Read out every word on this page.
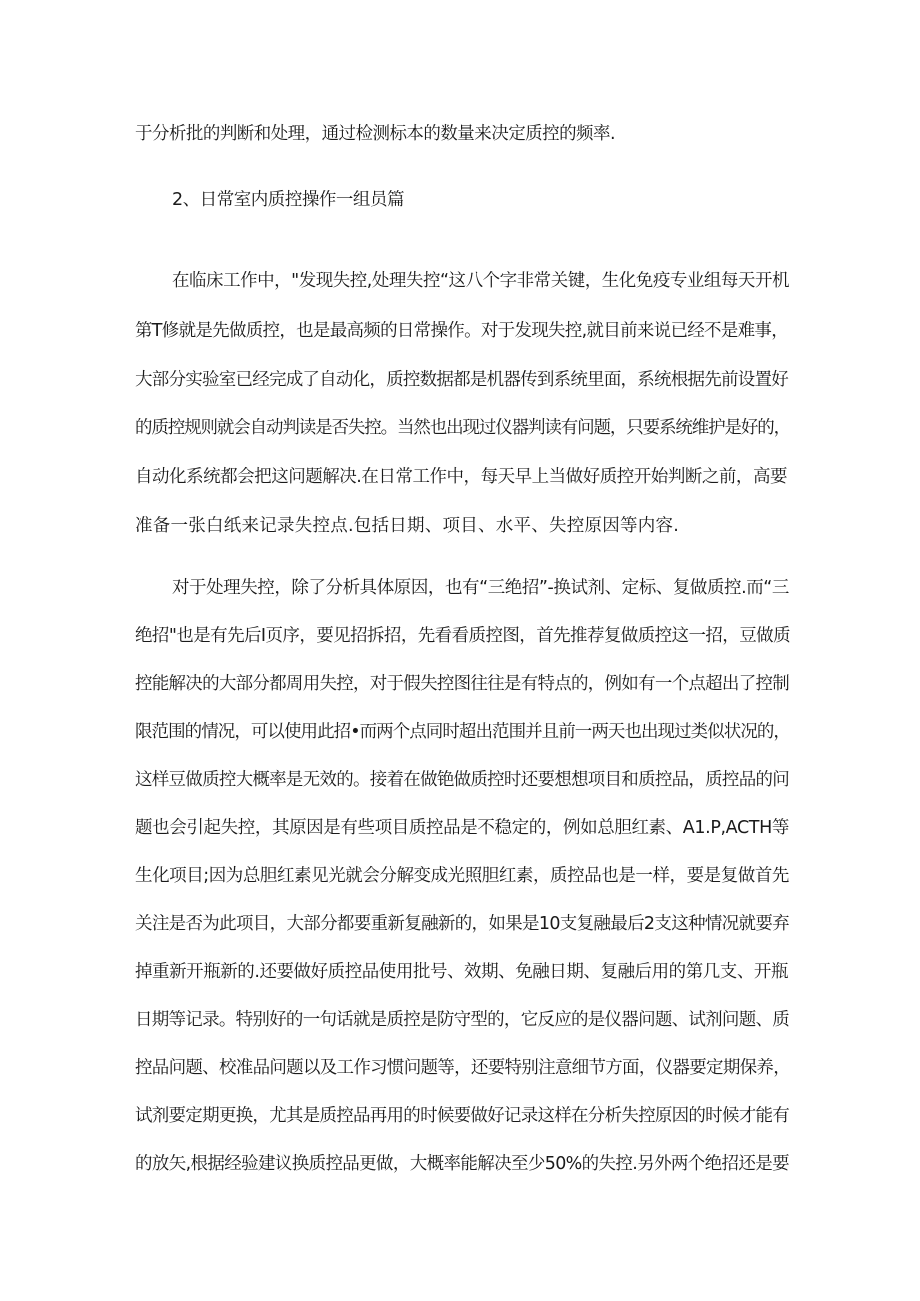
于分析批的判断和处理，通过检测标本的数量来决定质控的频率.
2、日常室内质控操作一组员篇
在临床工作中，"发现失控,处理失控“这八个字非常关键，生化免疫专业组每天开机
第T修就是先做质控，也是最高频的日常操作。对于发现失控,就目前来说已经不是难事，
大部分实验室已经完成了自动化，质控数据都是机器传到系统里面，系统根据先前设置好
的质控规则就会自动判读是否失控。当然也出现过仪器判读有问题，只要系统维护是好的，
自动化系统都会把这问题解决.在日常工作中，每天早上当做好质控开始判断之前，高要
准备一张白纸来记录失控点.包括日期、项目、水平、失控原因等内容.
对于处理失控，除了分析具体原因，也有“三绝招”-换试剂、定标、复做质控.而“三
绝招"也是有先后I页序，要见招拆招，先看看质控图，首先推荐复做质控这一招，豆做质
控能解决的大部分都周用失控，对于假失控图往往是有特点的，例如有一个点超出了控制
限范围的情况，可以使用此招•而两个点同时超出范围并且前一两天也出现过类似状况的，
这样豆做质控大概率是无效的。接着在做铯做质控时还要想想项目和质控品，质控品的问
题也会引起失控，其原因是有些项目质控品是不稳定的，例如总胆红素、A1.P,ACTH等
生化项目;因为总胆红素见光就会分解变成光照胆红素，质控品也是一样，要是复做首先
关注是否为此项目，大部分都要重新复融新的，如果是10支复融最后2支这种情况就要弃
掉重新开瓶新的.还要做好质控品使用批号、效期、免融日期、复融后用的第几支、开瓶
日期等记录。特别好的一句话就是质控是防守型的，它反应的是仪器问题、试剂问题、质
控品问题、校准品问题以及工作习惯问题等，还要特别注意细节方面，仪器要定期保养，
试剂要定期更换，尤其是质控品再用的时候要做好记录这样在分析失控原因的时候才能有
的放矢,根据经验建议换质控品更做，大概率能解决至少50%的失控.另外两个绝招还是要
